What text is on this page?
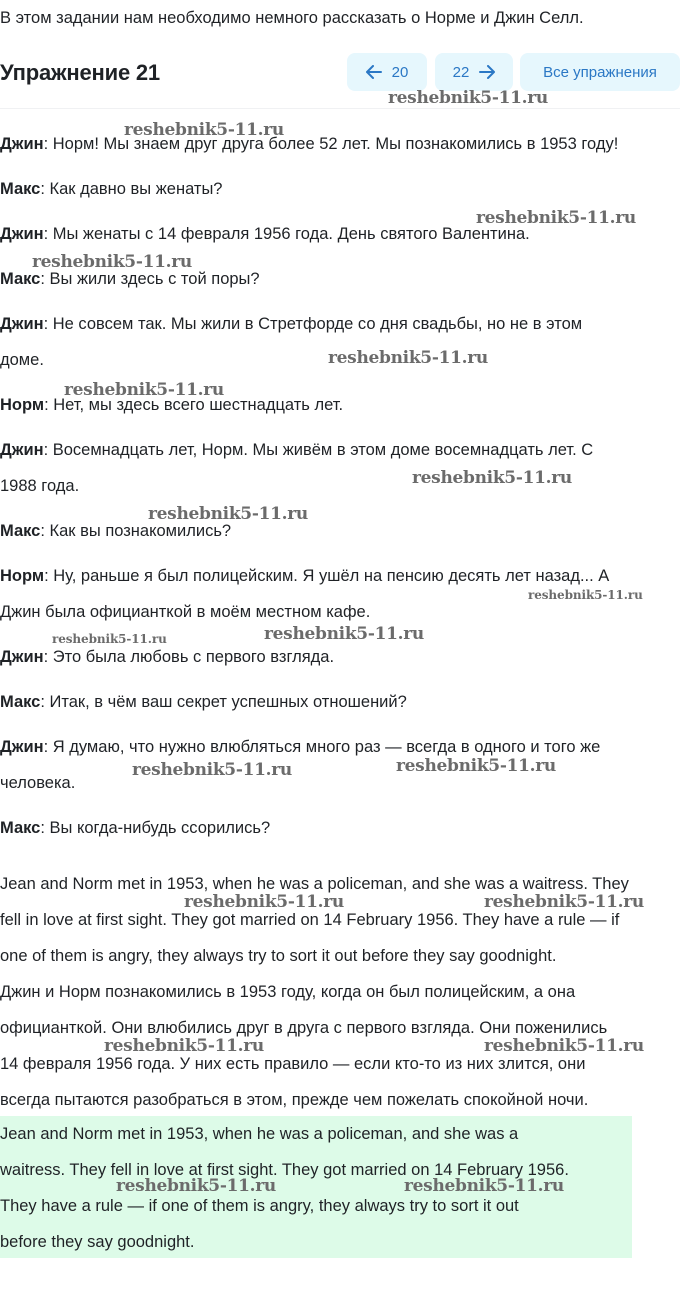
В этом задании нам необходимо немного рассказать о Норме и Джин Селл.
Упражнение 21	20	22	Все упражнения
Джин: Норм! Мы знаем друг друга более 52 лет. Мы познакомились в 1953 году!
Макс: Как давно вы женаты?
Джин: Мы женаты с 14 февраля 1956 года. День святого Валентина.
Макс: Вы жили здесь с той поры?
Джин: Не совсем так. Мы жили в Стретфорде со дня свадьбы, но не в этом
доме.
Норм: Нет, мы здесь всего шестнадцать лет.
Джин: Восемнадцать лет, Норм. Мы живём в этом доме восемнадцать лет. С
1988 года.
Макс: Как вы познакомились?
Норм: Ну, раньше я был полицейским. Я ушёл на пенсию десять лет назад... А
Джин была официанткой в моём местном кафе.
Джин: Это была любовь с первого взгляда.
Макс: Итак, в чём ваш секрет успешных отношений?
Джин: Я думаю, что нужно влюбляться много раз — всегда в одного и того же
человека.
Макс: Вы когда-нибудь ссорились?
Jean and Norm met in 1953, when he was a policeman, and she was a waitress. They
fell in love at first sight. They got married on 14 February 1956. They have a rule — if
one of them is angry, they always try to sort it out before they say goodnight.
Джин и Норм познакомились в 1953 году, когда он был полицейским, а она
официанткой. Они влюбились друг в друга с первого взгляда. Они поженились
14 февраля 1956 года. У них есть правило — если кто-то из них злится, они
всегда пытаются разобраться в этом, прежде чем пожелать спокойной ночи.
Jean and Norm met in 1953, when he was a policeman, and she was a
waitress. They fell in love at first sight. They got married on 14 February 1956.
They have a rule — if one of them is angry, they always try to sort it out
before they say goodnight.
reshebnik5-11.ru
reshebnik5-11.ru
reshebnik5-11.ru
reshebnik5-11.ru
reshebnik5-11.ru
reshebnik5-11.ru
reshebnik5-11.ru
reshebnik5-11.ru
reshebnik5-11.ru
reshebnik5-11.ru	reshebnik5-11.ru
reshebnik5-11.ru	reshebnik5-11.ru
reshebnik5-11.ru	reshebnik5-11.ru
reshebnik5-11.ru	reshebnik5-11.ru
reshebnik5-11.ru	reshebnik5-11.ru
